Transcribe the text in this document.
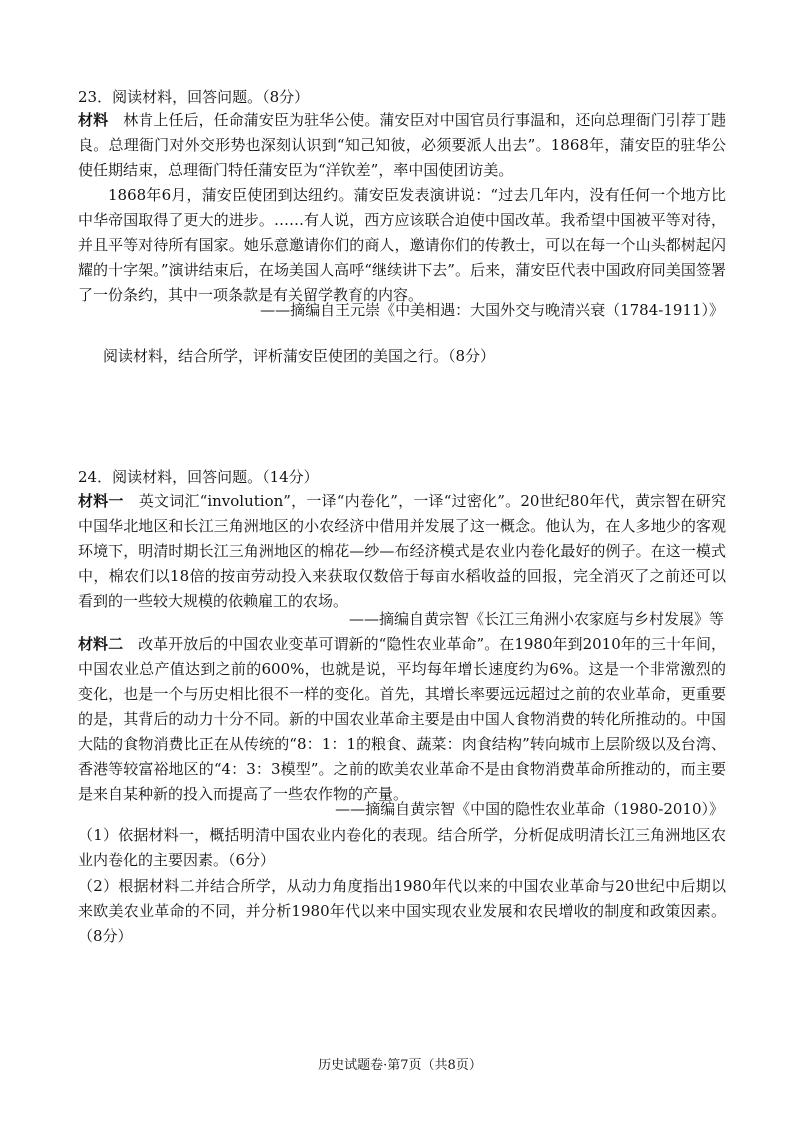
23．阅读材料，回答问题。（8分）

材料　 林肯上任后，任命蒲安臣为驻华公使。蒲安臣对中国官员行事温和，还向总理衙门引荐丁韪良。总理衙门对外交形势也深刻认识到“知己知彼，必须要派人出去”。1868年，蒲安臣的驻华公使任期结束，总理衙门特任蒲安臣为“洋钦差”，率中国使团访美。

1868年6月，蒲安臣使团到达纽约。蒲安臣发表演讲说：“过去几年内，没有任何一个地方比中华帝国取得了更大的进步。……有人说，西方应该联合迫使中国改革。我希望中国被平等对待，并且平等对待所有国家。她乐意邀请你们的商人，邀请你们的传教士，可以在每一个山头都树起闪耀的十字架。”演讲结束后，在场美国人高呼“继续讲下去”。后来，蒲安臣代表中国政府同美国签署了一份条约，其中一项条款是有关留学教育的内容。

——摘编自王元崇《中美相遇：大国外交与晚清兴衰（1784-1911）》
阅读材料，结合所学，评析蒲安臣使团的美国之行。（8分）
24．阅读材料，回答问题。（14分）

材料一　 英文词汇“involution”，一译“内卷化”，一译“过密化”。20世纪80年代，黄宗智在研究中国华北地区和长江三角洲地区的小农经济中借用并发展了这一概念。他认为，在人多地少的客观环境下，明清时期长江三角洲地区的棉花—纱—布经济模式是农业内卷化最好的例子。在这一模式中，棉农们以18倍的按亩劳动投入来获取仅数倍于每亩水稻收益的回报，完全消灭了之前还可以看到的一些较大规模的依赖雇工的农场。

——摘编自黄宗智《长江三角洲小农家庭与乡村发展》等

材料二　 改革开放后的中国农业变革可谓新的“隐性农业革命”。在1980年到2010年的三十年间，中国农业总产值达到之前的600%，也就是说，平均每年增长速度约为6%。这是一个非常激烈的变化，也是一个与历史相比很不一样的变化。首先，其增长率要远远超过之前的农业革命，更重要的是，其背后的动力十分不同。新的中国农业革命主要是由中国人食物消费的转化所推动的。中国大陆的食物消费比正在从传统的“8：1：1的粮食、蔬菜：肉食结构”转向城市上层阶级以及台湾、香港等较富裕地区的“4：3：3模型”。之前的欧美农业革命不是由食物消费革命所推动的，而主要是来自某种新的投入而提高了一些农作物的产量。

——摘编自黄宗智《中国的隐性农业革命（1980-2010）》

（1）依据材料一，概括明清中国农业内卷化的表现。结合所学，分析促成明清长江三角洲地区农业内卷化的主要因素。（6分）

（2）根据材料二并结合所学，从动力角度指出1980年代以来的中国农业革命与20世纪中后期以来欧美农业革命的不同，并分析1980年代以来中国实现农业发展和农民增收的制度和政策因素。（8分）

历史试题卷·第7页（共8页）
